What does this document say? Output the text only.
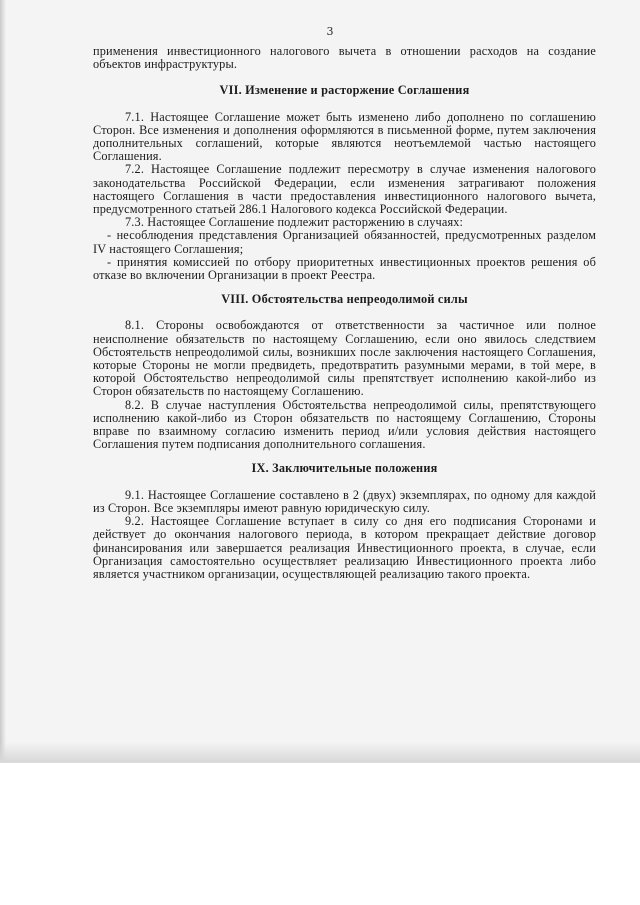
3

применения инвестиционного налогового вычета в отношении расходов на создание объектов инфраструктуры.

VII. Изменение и расторжение Соглашения

7.1. Настоящее Соглашение может быть изменено либо дополнено по соглашению Сторон. Все изменения и дополнения оформляются в письменной форме, путем заключения дополнительных соглашений, которые являются неотъемлемой частью настоящего Соглашения.

7.2. Настоящее Соглашение подлежит пересмотру в случае изменения налогового законодательства Российской Федерации, если изменения затрагивают положения настоящего Соглашения в части предоставления инвестиционного налогового вычета, предусмотренного статьей 286.1 Налогового кодекса Российской Федерации.

7.3. Настоящее Соглашение подлежит расторжению в случаях:

- несоблюдения представления Организацией обязанностей, предусмотренных разделом IV настоящего Соглашения;

- принятия комиссией по отбору приоритетных инвестиционных проектов решения об отказе во включении Организации в проект Реестра.

VIII. Обстоятельства непреодолимой силы

8.1. Стороны освобождаются от ответственности за частичное или полное неисполнение обязательств по настоящему Соглашению, если оно явилось следствием Обстоятельств непреодолимой силы, возникших после заключения настоящего Соглашения, которые Стороны не могли предвидеть, предотвратить разумными мерами, в той мере, в которой Обстоятельство непреодолимой силы препятствует исполнению какой-либо из Сторон обязательств по настоящему Соглашению.

8.2. В случае наступления Обстоятельства непреодолимой силы, препятствующего исполнению какой-либо из Сторон обязательств по настоящему Соглашению, Стороны вправе по взаимному согласию изменить период и/или условия действия настоящего Соглашения путем подписания дополнительного соглашения.

IX. Заключительные положения

9.1. Настоящее Соглашение составлено в 2 (двух) экземплярах, по одному для каждой из Сторон. Все экземпляры имеют равную юридическую силу.

9.2. Настоящее Соглашение вступает в силу со дня его подписания Сторонами и действует до окончания налогового периода, в котором прекращает действие договор финансирования или завершается реализация Инвестиционного проекта, в случае, если Организация самостоятельно осуществляет реализацию Инвестиционного проекта либо является участником организации, осуществляющей реализацию такого проекта.
